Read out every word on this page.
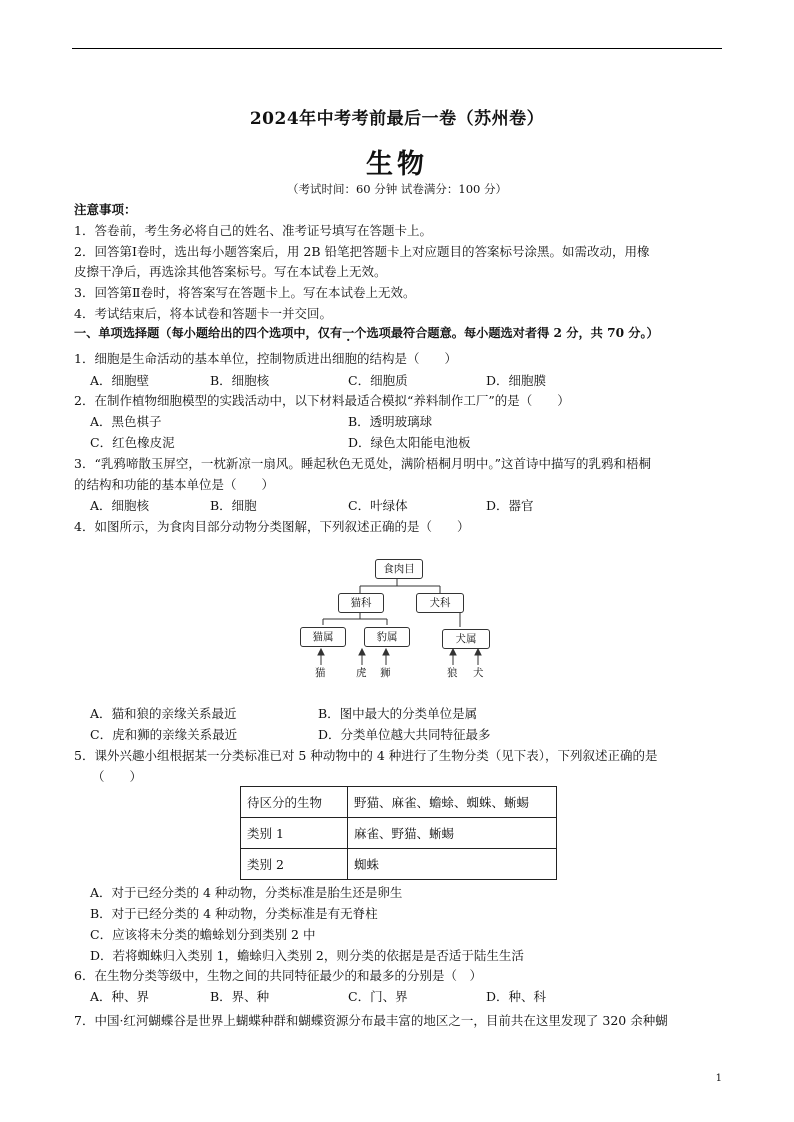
2024年中考考前最后一卷（苏州卷）
生物
（考试时间：60 分钟 试卷满分：100 分）
注意事项：
1．答卷前，考生务必将自己的姓名、准考证号填写在答题卡上。
2．回答第Ⅰ卷时，选出每小题答案后，用 2B 铅笔把答题卡上对应题目的答案标号涂黑。如需改动，用橡
皮擦干净后，再选涂其他答案标号。写在本试卷上无效。
3．回答第Ⅱ卷时，将答案写在答题卡上。写在本试卷上无效。
4．考试结束后，将本试卷和答题卡一并交回。
一、单项选择题（每小题给出的四个选项中，仅有一个选项最符合题意。每小题选对者得 2 分，共 70 分。）
1．细胞是生命活动的基本单位，控制物质进出细胞的结构是（　　）
A．细胞壁	B．细胞核	C．细胞质	D．细胞膜
2．在制作植物细胞模型的实践活动中，以下材料最适合模拟“养料制作工厂”的是（　　）
A．黑色棋子	B．透明玻璃球
C．红色橡皮泥	D．绿色太阳能电池板
3．“乳鸦啼散玉屏空，一枕新凉一扇风。睡起秋色无觅处，满阶梧桐月明中。”这首诗中描写的乳鸦和梧桐
的结构和功能的基本单位是（　　）
A．细胞核	B．细胞	C．叶绿体	D．器官
4．如图所示，为食肉目部分动物分类图解，下列叙述正确的是（　　）
食肉目
猫科	犬科
猫属	豹属	犬属
猫	虎 狮	狼 犬
A．猫和狼的亲缘关系最近	B．图中最大的分类单位是属
C．虎和狮的亲缘关系最近	D．分类单位越大共同特征最多
5．课外兴趣小组根据某一分类标准已对 5 种动物中的 4 种进行了生物分类（见下表），下列叙述正确的是
（　　）
待区分的生物	野猫、麻雀、蟾蜍、蜘蛛、蜥蜴
类别 1	麻雀、野猫、蜥蜴
类别 2	蜘蛛
A．对于已经分类的 4 种动物，分类标准是胎生还是卵生
B．对于已经分类的 4 种动物，分类标准是有无脊柱
C．应该将未分类的蟾蜍划分到类别 2 中
D．若将蜘蛛归入类别 1，蟾蜍归入类别 2，则分类的依据是是否适于陆生生活
6．在生物分类等级中，生物之间的共同特征最少的和最多的分别是（　）
A．种、界	B．界、种	C．门、界	D．种、科
7．中国·红河蝴蝶谷是世界上蝴蝶种群和蝴蝶资源分布最丰富的地区之一，目前共在这里发现了 320 余种蝴
1
